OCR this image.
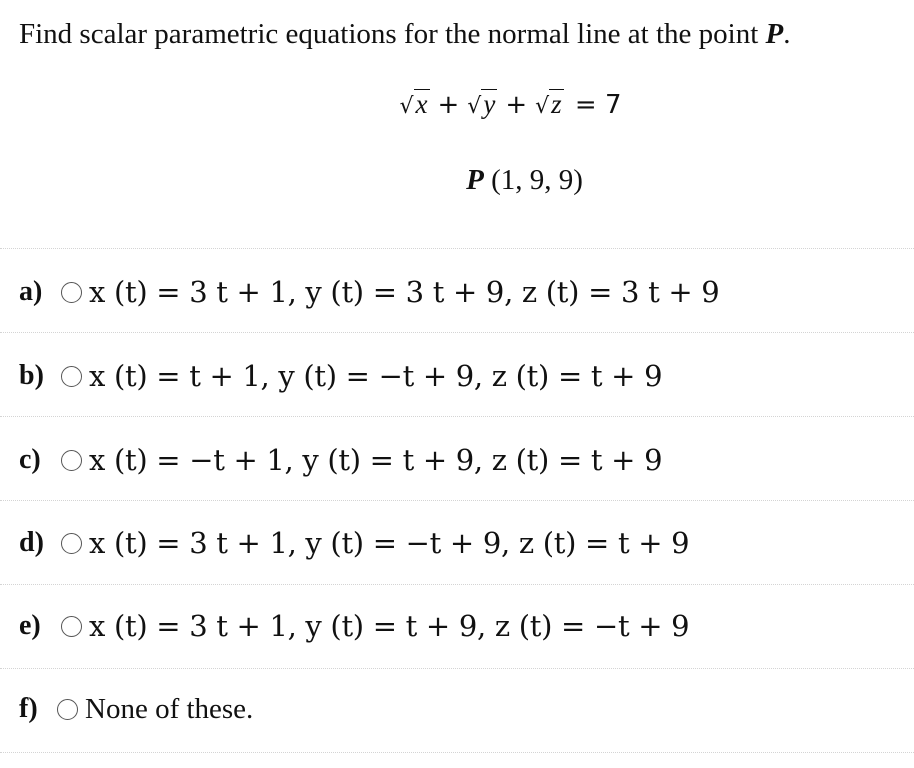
Find scalar parametric equations for the normal line at the point P.
√x + √y + √z = 7
P (1, 9, 9)
a)	x (t) = 3 t + 1, y (t) = 3 t + 9, z (t) = 3 t + 9
b)	x (t) = t + 1, y (t) = −t + 9, z (t) = t + 9
c)	x (t) = −t + 1, y (t) = t + 9, z (t) = t + 9
d)	x (t) = 3 t + 1, y (t) = −t + 9, z (t) = t + 9
e)	x (t) = 3 t + 1, y (t) = t + 9, z (t) = −t + 9
f)	None of these.
